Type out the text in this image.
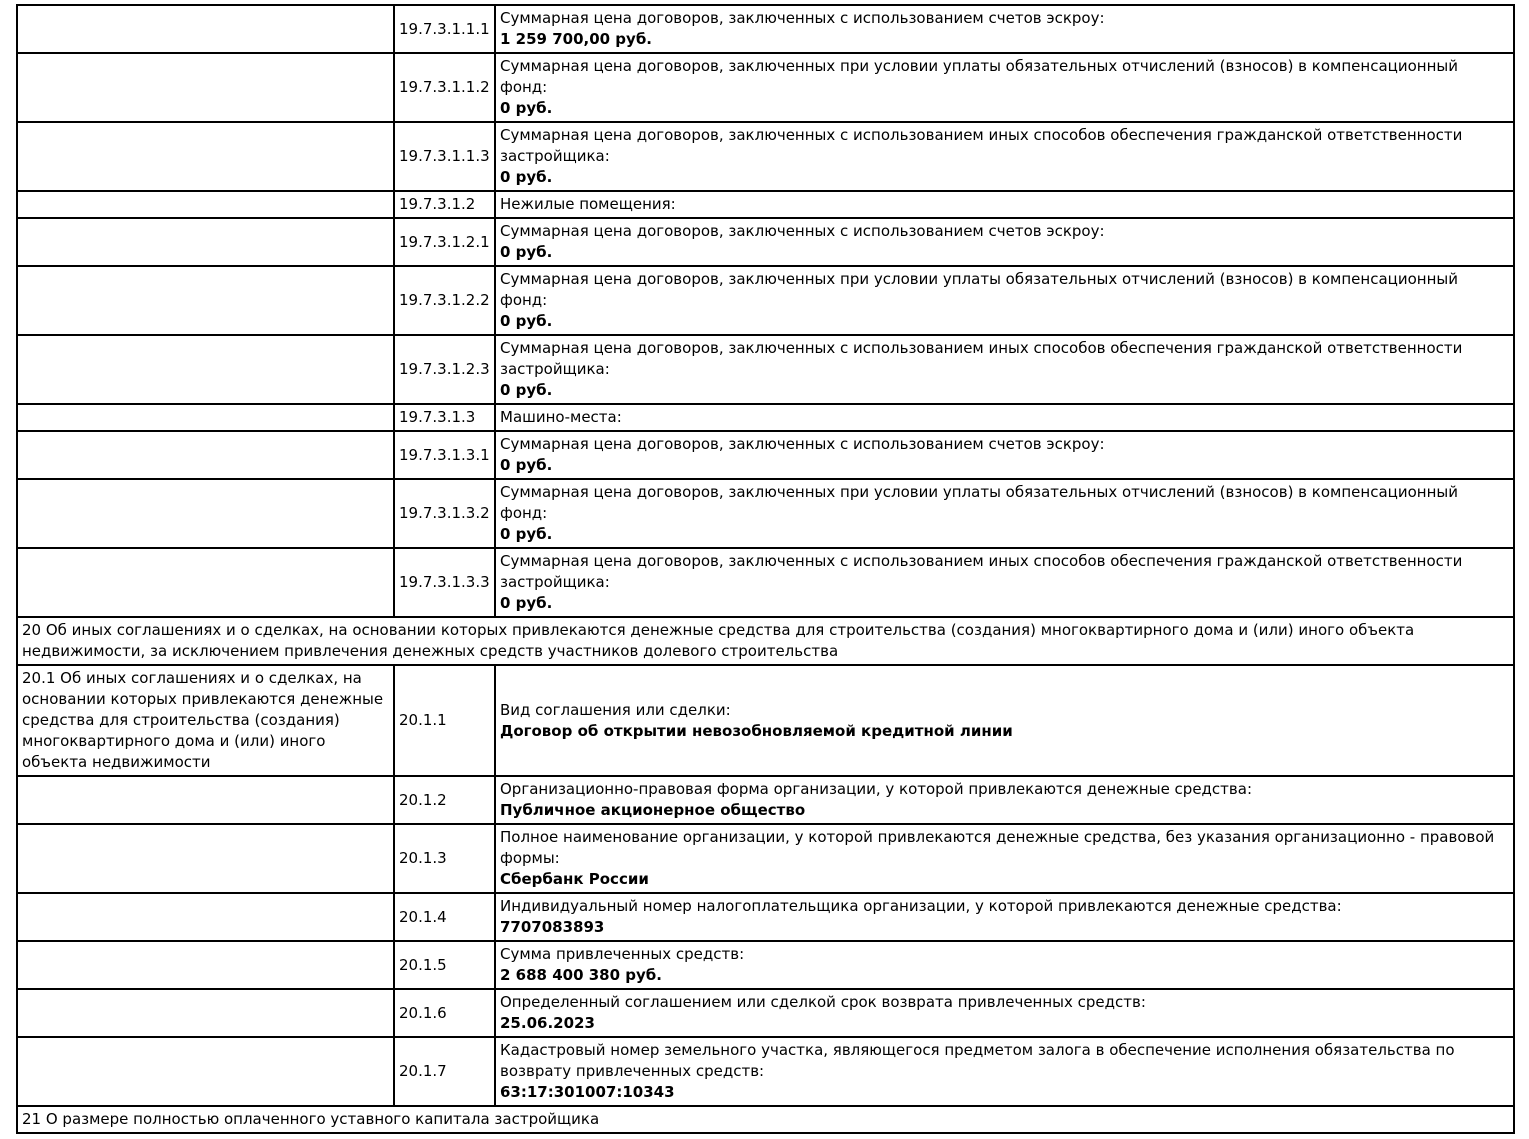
	19.7.3.1.1.1	Суммарная цена договоров, заключенных с использованием счетов эскроу:
1 259 700,00 руб.

	19.7.3.1.1.2	Суммарная цена договоров, заключенных при условии уплаты обязательных отчислений (взносов) в компенсационный фонд:
0 руб.

	19.7.3.1.1.3	Суммарная цена договоров, заключенных с использованием иных способов обеспечения гражданской ответственности застройщика:
0 руб.

	19.7.3.1.2	Нежилые помещения:

	19.7.3.1.2.1	Суммарная цена договоров, заключенных с использованием счетов эскроу:
0 руб.

	19.7.3.1.2.2	Суммарная цена договоров, заключенных при условии уплаты обязательных отчислений (взносов) в компенсационный фонд:
0 руб.

	19.7.3.1.2.3	Суммарная цена договоров, заключенных с использованием иных способов обеспечения гражданской ответственности застройщика:
0 руб.

	19.7.3.1.3	Машино-места:

	19.7.3.1.3.1	Суммарная цена договоров, заключенных с использованием счетов эскроу:
0 руб.

	19.7.3.1.3.2	Суммарная цена договоров, заключенных при условии уплаты обязательных отчислений (взносов) в компенсационный фонд:
0 руб.

	19.7.3.1.3.3	Суммарная цена договоров, заключенных с использованием иных способов обеспечения гражданской ответственности застройщика:
0 руб.

20 Об иных соглашениях и о сделках, на основании которых привлекаются денежные средства для строительства (создания) многоквартирного дома и (или) иного объекта недвижимости, за исключением привлечения денежных средств участников долевого строительства		
20.1 Об иных соглашениях и о сделках, на основании которых привлекаются денежные средства для строительства (создания) многоквартирного дома и (или) иного объекта недвижимости	20.1.1	Вид соглашения или сделки:
Договор об открытии невозобновляемой кредитной линии

	20.1.2	Организационно-правовая форма организации, у которой привлекаются денежные средства:
Публичное акционерное общество

	20.1.3	Полное наименование организации, у которой привлекаются денежные средства, без указания организационно - правовой формы:
Сбербанк России

	20.1.4	Индивидуальный номер налогоплательщика организации, у которой привлекаются денежные средства:
7707083893

	20.1.5	Сумма привлеченных средств:
2 688 400 380 руб.

	20.1.6	Определенный соглашением или сделкой срок возврата привлеченных средств:
25.06.2023

	20.1.7	Кадастровый номер земельного участка, являющегося предметом залога в обеспечение исполнения обязательства по возврату привлеченных средств:
63:17:301007:10343

21 О размере полностью оплаченного уставного капитала застройщика		
